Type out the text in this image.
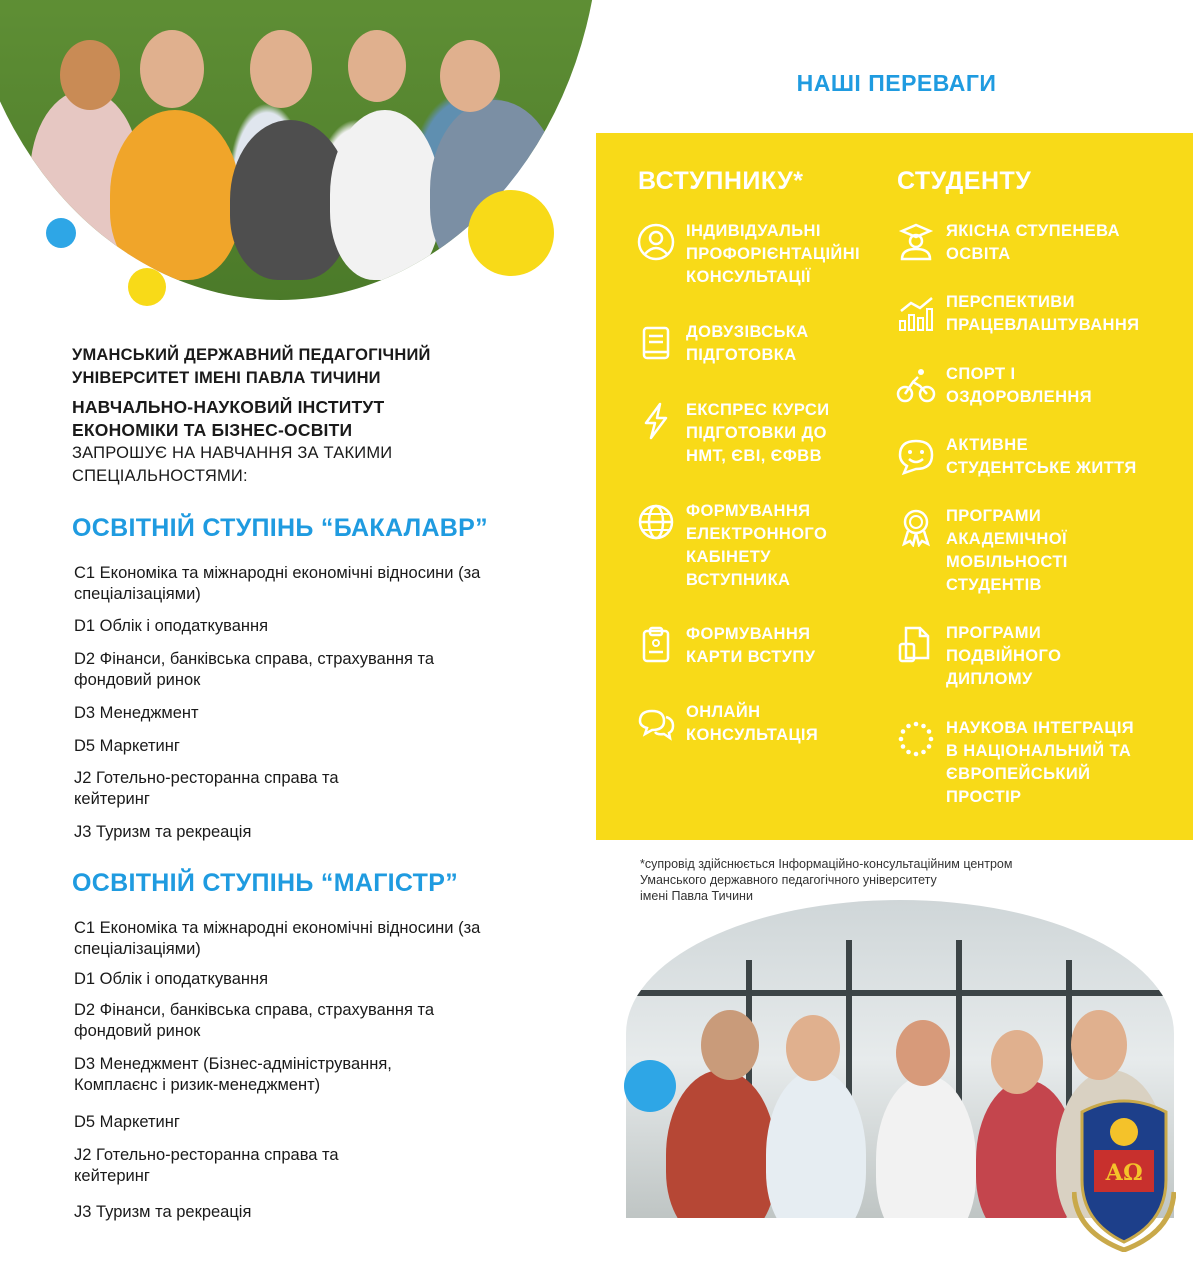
УМАНСЬКИЙ ДЕРЖАВНИЙ ПЕДАГОГІЧНИЙ
УНІВЕРСИТЕТ ІМЕНІ ПАВЛА ТИЧИНИ
НАВЧАЛЬНО-НАУКОВИЙ ІНСТИТУТ
ЕКОНОМІКИ ТА БІЗНЕС-ОСВІТИ
ЗАПРОШУЄ НА НАВЧАННЯ ЗА ТАКИМИ
СПЕЦІАЛЬНОСТЯМИ:
ОСВІТНІЙ СТУПІНЬ “БАКАЛАВР”
С1 Економіка та міжнародні економічні відносини (за спеціалізаціями)
D1 Облік і оподаткування
D2 Фінанси, банківська справа, страхування та фондовий ринок
D3 Менеджмент
D5 Маркетинг
J2 Готельно-ресторанна справа та кейтеринг
J3 Туризм та рекреація
ОСВІТНІЙ СТУПІНЬ “МАГІСТР”
С1 Економіка та міжнародні економічні відносини (за спеціалізаціями)
D1 Облік і оподаткування
D2 Фінанси, банківська справа, страхування та фондовий ринок
D3 Менеджмент (Бізнес-адміністрування, Комплаєнс і ризик-менеджмент)
D5 Маркетинг
J2 Готельно-ресторанна справа та кейтеринг
J3 Туризм та рекреація
НАШІ ПЕРЕВАГИ
ВСТУПНИКУ*	СТУДЕНТУ
ІНДИВІДУАЛЬНІ
ПРОФОРІЄНТАЦІЙНІ
КОНСУЛЬТАЦІЇ
ДОВУЗІВСЬКА
ПІДГОТОВКА
ЕКСПРЕС КУРСИ
ПІДГОТОВКИ ДО
НМТ, ЄВІ, ЄФВВ
ФОРМУВАННЯ
ЕЛЕКТРОННОГО
КАБІНЕТУ
ВСТУПНИКА
ФОРМУВАННЯ
КАРТИ ВСТУПУ
ОНЛАЙН
КОНСУЛЬТАЦІЯ
ЯКІСНА СТУПЕНЕВА
ОСВІТА
ПЕРСПЕКТИВИ
ПРАЦЕВЛАШТУВАННЯ
СПОРТ І
ОЗДОРОВЛЕННЯ
АКТИВНЕ
СТУДЕНТСЬКЕ ЖИТТЯ
ПРОГРАМИ
АКАДЕМІЧНОЇ
МОБІЛЬНОСТІ
СТУДЕНТІВ
ПРОГРАМИ
ПОДВІЙНОГО
ДИПЛОМУ
НАУКОВА ІНТЕГРАЦІЯ
В НАЦІОНАЛЬНИЙ ТА
ЄВРОПЕЙСЬКИЙ
ПРОСТІР
*супровід здійснюється Інформаційно-консультаційним центром
Уманського державного педагогічного університету
імені Павла Тичини
АΩ
